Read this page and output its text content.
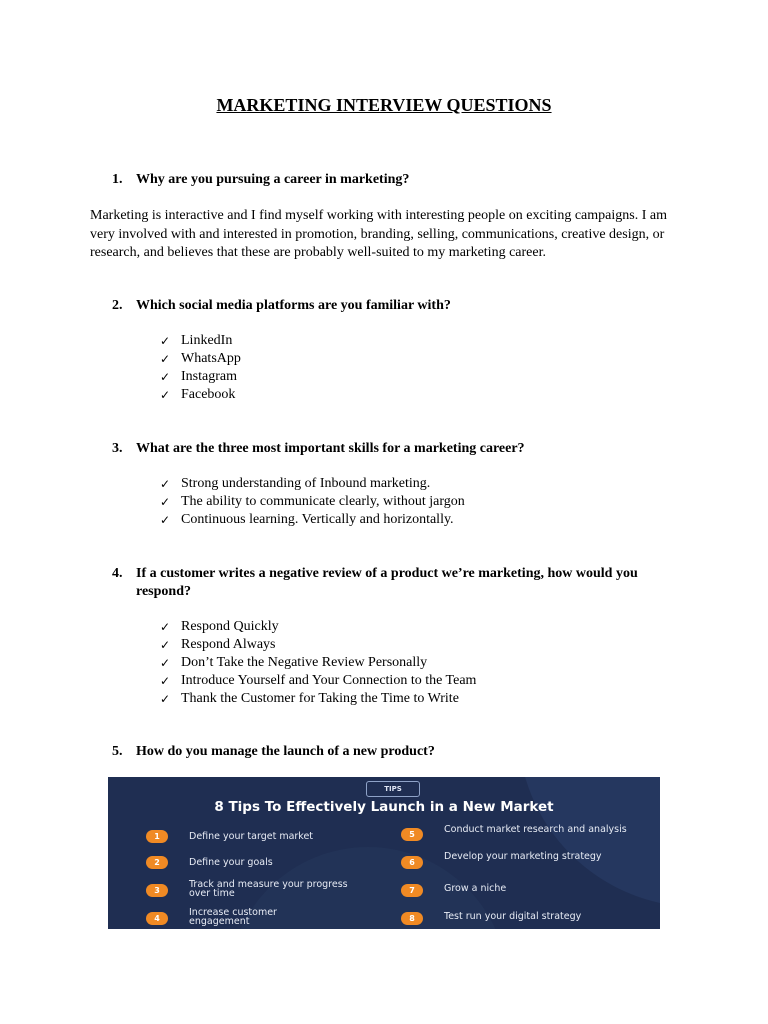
MARKETING INTERVIEW QUESTIONS
1. Why are you pursuing a career in marketing?
Marketing is interactive and I find myself working with interesting people on exciting campaigns. I am very involved with and interested in promotion, branding, selling, communications, creative design, or research, and believes that these are probably well-suited to my marketing career.
2. Which social media platforms are you familiar with?
✓ LinkedIn
✓ WhatsApp
✓ Instagram
✓ Facebook
3. What are the three most important skills for a marketing career?
✓ Strong understanding of Inbound marketing.
✓ The ability to communicate clearly, without jargon
✓ Continuous learning. Vertically and horizontally.
4. If a customer writes a negative review of a product we’re marketing, how would you respond?
✓ Respond Quickly
✓ Respond Always
✓ Don’t Take the Negative Review Personally
✓ Introduce Yourself and Your Connection to the Team
✓ Thank the Customer for Taking the Time to Write
5. How do you manage the launch of a new product?
TIPS
8 Tips To Effectively Launch in a New Market
1	Define your target market
2	Define your goals
3
Track and measure your progress over time
4
Increase customer engagement
5	Conduct market research and analysis
6
Develop your marketing strategy
7	Grow a niche
8	Test run your digital strategy
